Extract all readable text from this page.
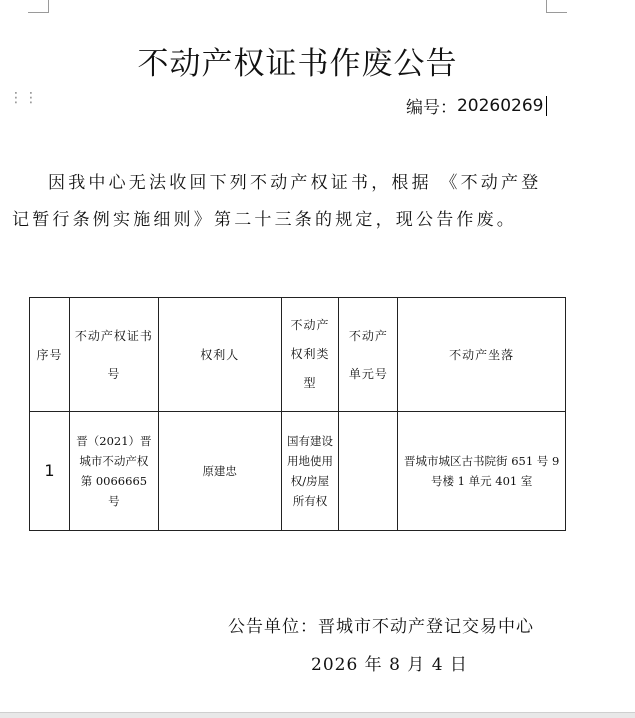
不动产权证书作废公告
⋮⋮	编号： 20260269

因我中心无法收回下列不动产权证书，根据 《不动产登记暂行条例实施细则》第二十三条的规定，现公告作废。

序号	不动产权证书号	权利人	不动产权利类型	不动产单元号	不动产坐落
1	晋（2021）晋城市不动产权第 0066665 号	原建忠	国有建设用地使用权/房屋所有权		晋城市城区古书院街 651 号 9 号楼 1 单元 401 室
公告单位：晋城市不动产登记交易中心
2026 年 8 月 4 日
